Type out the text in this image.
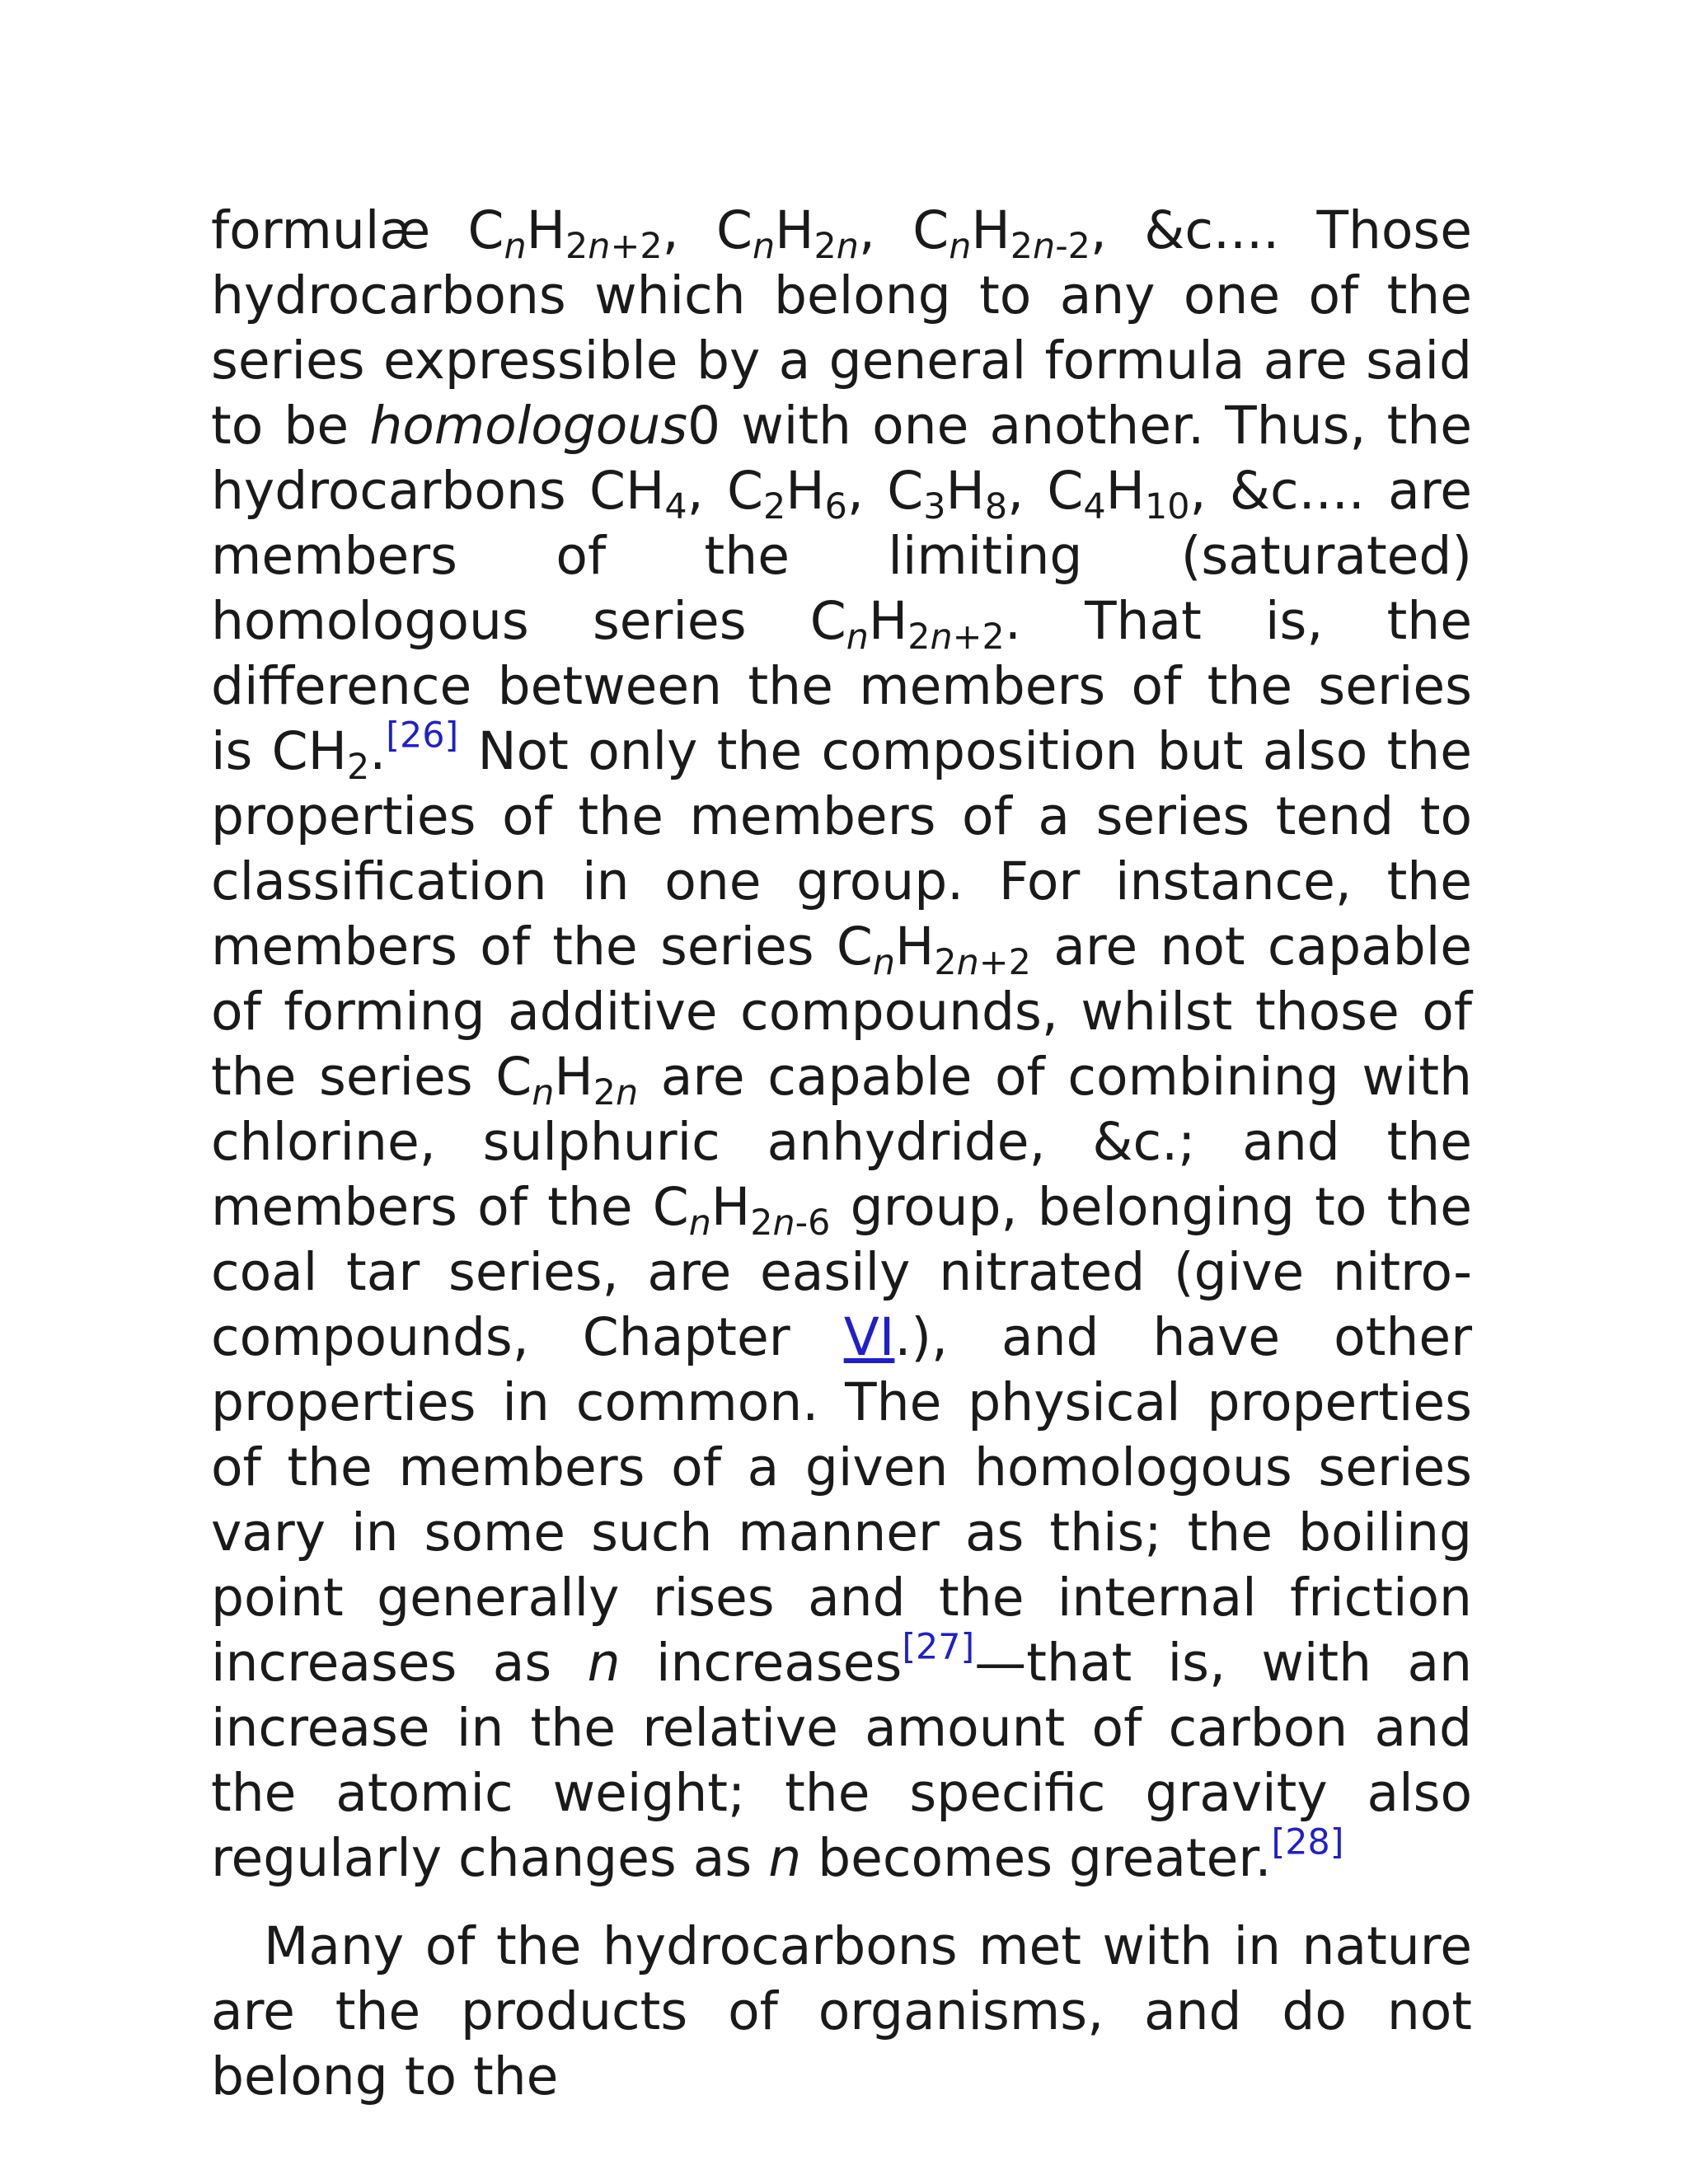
formulæ $C_nH_{2n+2}$, $C_nH_{2n}$, $C_nH_{2n-2}$, &c.... Those hydrocarbons which belong to any one of the series expressible by a general formula are said to be homologous0 with one another. Thus, the hydrocarbons $CH_4$, $C_2H_6$, $C_3H_8$, $C_4H_{10}$, &c.... are members of the limiting (saturated) homologous series $C_nH_{2n+2}$. That is, the difference between the members of the series is $CH_2.[26]$ Not only the composition but also the properties of the members of a series tend to classification in one group. For instance, the members of the series $C_nH_{2n+2}$ are not capable of forming additive compounds, whilst those of the series $C_nH_{2n}$ are capable of combining with chlorine, sulphuric anhydride, &c.; and the members of the $C_nH_{2n-6}$ group, belonging to the coal tar series, are easily nitrated (give nitro-compounds, Chapter VI.), and have other properties in common. The physical properties of the members of a given homologous series vary in some such manner as this; the boiling point generally rises and the internal friction increases as n increases[27]—that is, with an increase in the relative amount of carbon and the atomic weight; the specific gravity also regularly changes as n becomes greater.[28]

Many of the hydrocarbons met with in nature are the products of organisms, and do not belong to the
